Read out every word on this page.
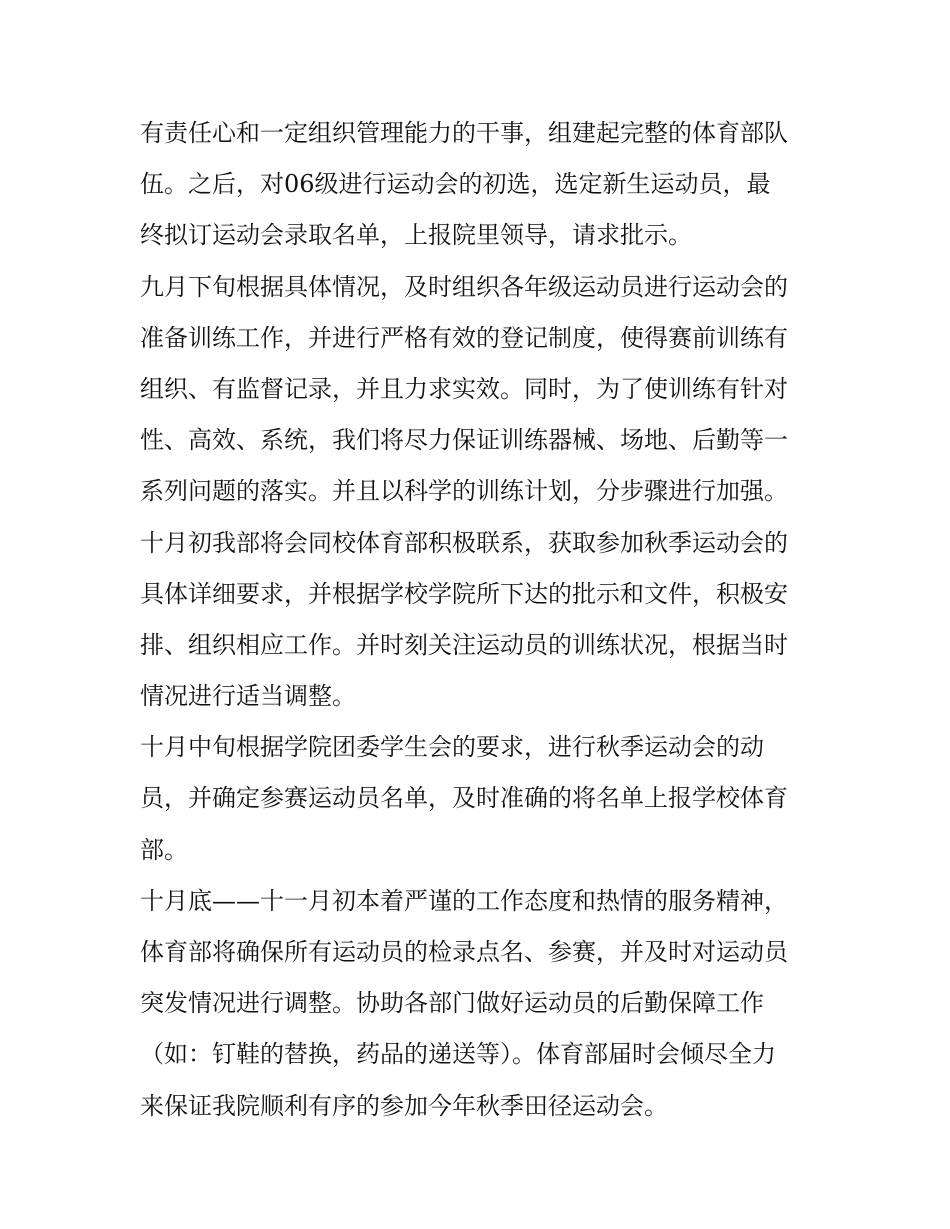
有责任心和一定组织管理能力的干事，组建起完整的体育部队
伍。之后，对06级进行运动会的初选，选定新生运动员，最
终拟订运动会录取名单，上报院里领导，请求批示。

九月下旬根据具体情况，及时组织各年级运动员进行运动会的
准备训练工作，并进行严格有效的登记制度，使得赛前训练有
组织、有监督记录，并且力求实效。同时，为了使训练有针对
性、高效、系统，我们将尽力保证训练器械、场地、后勤等一
系列问题的落实。并且以科学的训练计划，分步骤进行加强。

十月初我部将会同校体育部积极联系，获取参加秋季运动会的
具体详细要求，并根据学校学院所下达的批示和文件，积极安
排、组织相应工作。并时刻关注运动员的训练状况，根据当时
情况进行适当调整。

十月中旬根据学院团委学生会的要求，进行秋季运动会的动
员，并确定参赛运动员名单，及时准确的将名单上报学校体育
部。

十月底——十一月初本着严谨的工作态度和热情的服务精神，
体育部将确保所有运动员的检录点名、参赛，并及时对运动员
突发情况进行调整。协助各部门做好运动员的后勤保障工作
（如：钉鞋的替换，药品的递送等）。体育部届时会倾尽全力
来保证我院顺利有序的参加今年秋季田径运动会。
